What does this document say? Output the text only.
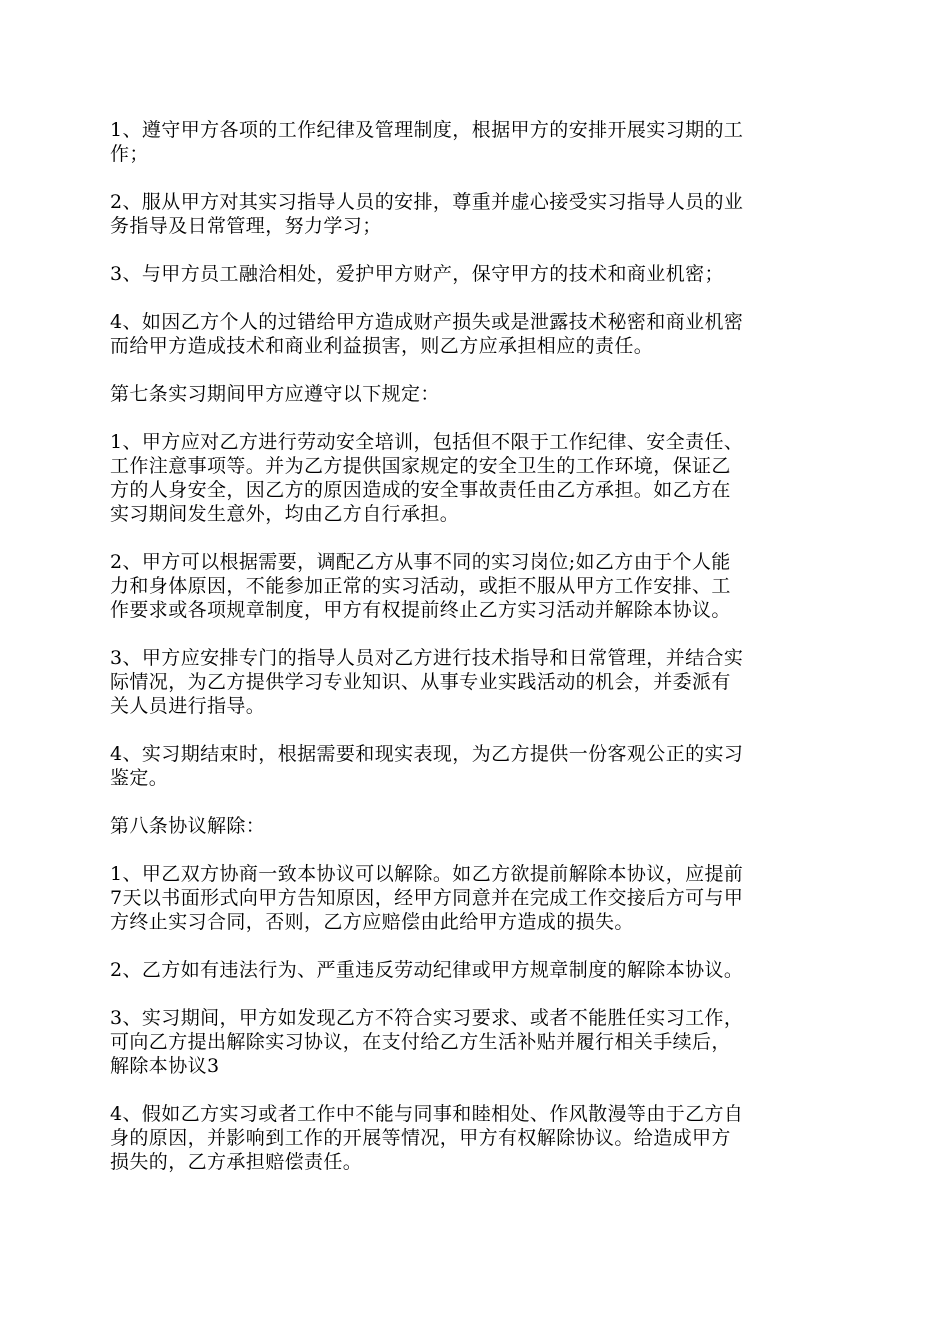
1、遵守甲方各项的工作纪律及管理制度，根据甲方的安排开展实习期的工
作；
2、服从甲方对其实习指导人员的安排，尊重并虚心接受实习指导人员的业
务指导及日常管理，努力学习；
3、与甲方员工融洽相处，爱护甲方财产，保守甲方的技术和商业机密；
4、如因乙方个人的过错给甲方造成财产损失或是泄露技术秘密和商业机密
而给甲方造成技术和商业利益损害，则乙方应承担相应的责任。
第七条实习期间甲方应遵守以下规定：
1、甲方应对乙方进行劳动安全培训，包括但不限于工作纪律、安全责任、
工作注意事项等。并为乙方提供国家规定的安全卫生的工作环境，保证乙
方的人身安全，因乙方的原因造成的安全事故责任由乙方承担。如乙方在
实习期间发生意外，均由乙方自行承担。
2、甲方可以根据需要，调配乙方从事不同的实习岗位;如乙方由于个人能
力和身体原因，不能参加正常的实习活动，或拒不服从甲方工作安排、工
作要求或各项规章制度，甲方有权提前终止乙方实习活动并解除本协议。
3、甲方应安排专门的指导人员对乙方进行技术指导和日常管理，并结合实
际情况，为乙方提供学习专业知识、从事专业实践活动的机会，并委派有
关人员进行指导。
4、实习期结束时，根据需要和现实表现，为乙方提供一份客观公正的实习
鉴定。
第八条协议解除：
1、甲乙双方协商一致本协议可以解除。如乙方欲提前解除本协议，应提前
7天以书面形式向甲方告知原因，经甲方同意并在完成工作交接后方可与甲
方终止实习合同，否则，乙方应赔偿由此给甲方造成的损失。
2、乙方如有违法行为、严重违反劳动纪律或甲方规章制度的解除本协议。
3、实习期间，甲方如发现乙方不符合实习要求、或者不能胜任实习工作，
可向乙方提出解除实习协议，在支付给乙方生活补贴并履行相关手续后，
解除本协议3
4、假如乙方实习或者工作中不能与同事和睦相处、作风散漫等由于乙方自
身的原因，并影响到工作的开展等情况，甲方有权解除协议。给造成甲方
损失的，乙方承担赔偿责任。
